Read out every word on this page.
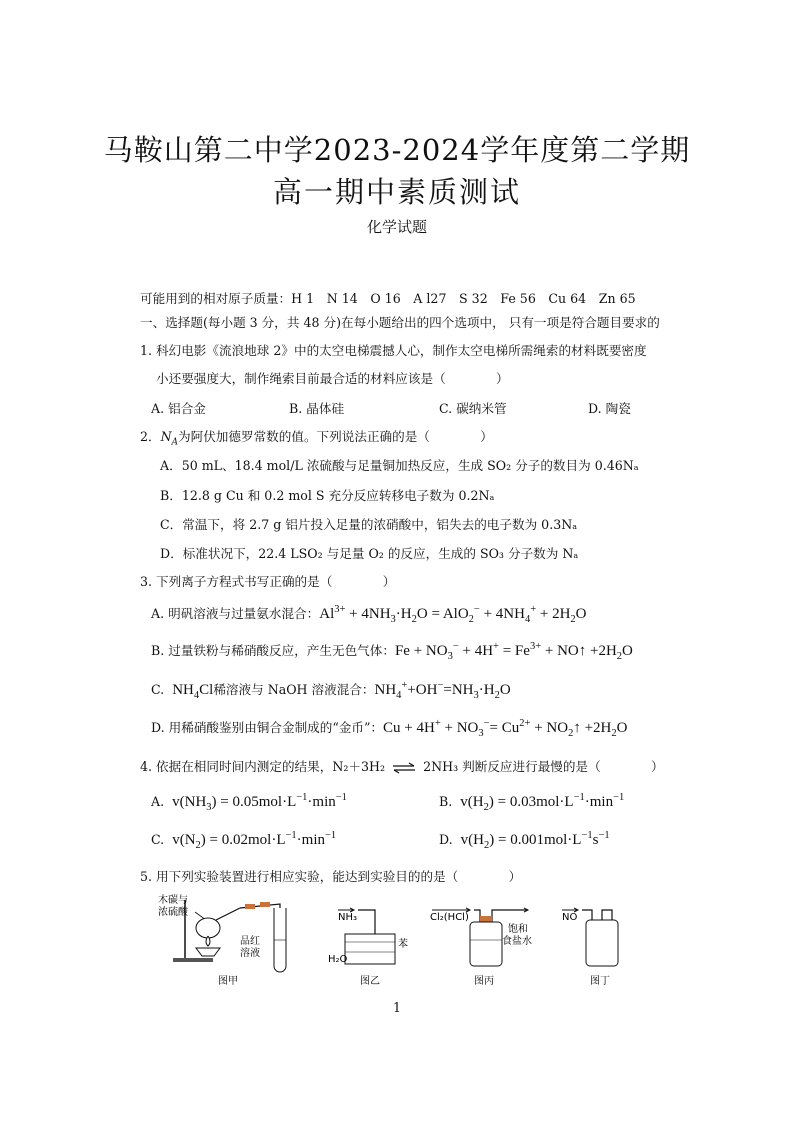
马鞍山第二中学2023-2024学年度第二学期
高一期中素质测试
化学试题
可能用到的相对原子质量：H 1　N 14　O 16　A l27　S 32　Fe 56　Cu 64　Zn 65
一、选择题(每小题 3 分，共 48 分)在每小题给出的四个选项中， 只有一项是符合题目要求的
1. 科幻电影《流浪地球 2》中的太空电梯震撼人心，制作太空电梯所需绳索的材料既要密度
小还要强度大，制作绳索目前最合适的材料应该是（　　　　）
A. 铝合金	B. 晶体硅	C. 碳纳米管	D. 陶瓷
2．$N_A$为阿伏加德罗常数的值。下列说法正确的是（　　　　）
A．50 mL、18.4 mol/L 浓硫酸与足量铜加热反应，生成 SO₂ 分子的数目为 0.46Nₐ
B．12.8 g Cu 和 0.2 mol S 充分反应转移电子数为 0.2Nₐ
C．常温下，将 2.7 g 铝片投入足量的浓硝酸中，铝失去的电子数为 0.3Nₐ
D．标准状况下，22.4 LSO₂ 与足量 O₂ 的反应，生成的 SO₃ 分子数为 Nₐ
3. 下列离子方程式书写正确的是（　　　　）
A. 明矾溶液与过量氨水混合：$Al^{3+} + 4NH_3\cdot H_2O = AlO_2^- + 4NH_4^+ + 2H_2O$
B. 过量铁粉与稀硝酸反应，产生无色气体：$Fe + NO_3^- + 4H^+ = Fe^{3+}$ + NO↑ $+2H_2O$
C.  $NH_4Cl$稀溶液与 NaOH 溶液混合：$NH_4^++OH^-=NH_3\cdot H_2O$
D. 用稀硝酸鉴别由铜合金制成的“金币”：$Cu + 4H^+ + NO_3^-= Cu^{2+}$ + $NO_2↑ +2H_2O$
4. 依据在相同时间内测定的结果，N₂＋3H₂ ⇌ 2NH₃ 判断反应进行最慢的是（　　　　）
A. $v(NH_3) = 0.05mol\cdot L^{-1}\cdot\min^{-1}$	B. $v(H_2) = 0.03mol\cdot L^{-1}\cdot\min^{-1}$
C. $v(N_2) = 0.02mol\cdot L^{-1}\cdot\min^{-1}$	D. $v(H_2) = 0.001mol\cdot L^{-1}s^{-1}$
5. 用下列实验装置进行相应实验，能达到实验目的的是（　　　　）
木碳与
浓硫酸
品红
溶液
图甲
NH₃
H₂O
苯
图乙
Cl₂(HCl)
饱和
食盐水
图丙
NO
图丁
1
